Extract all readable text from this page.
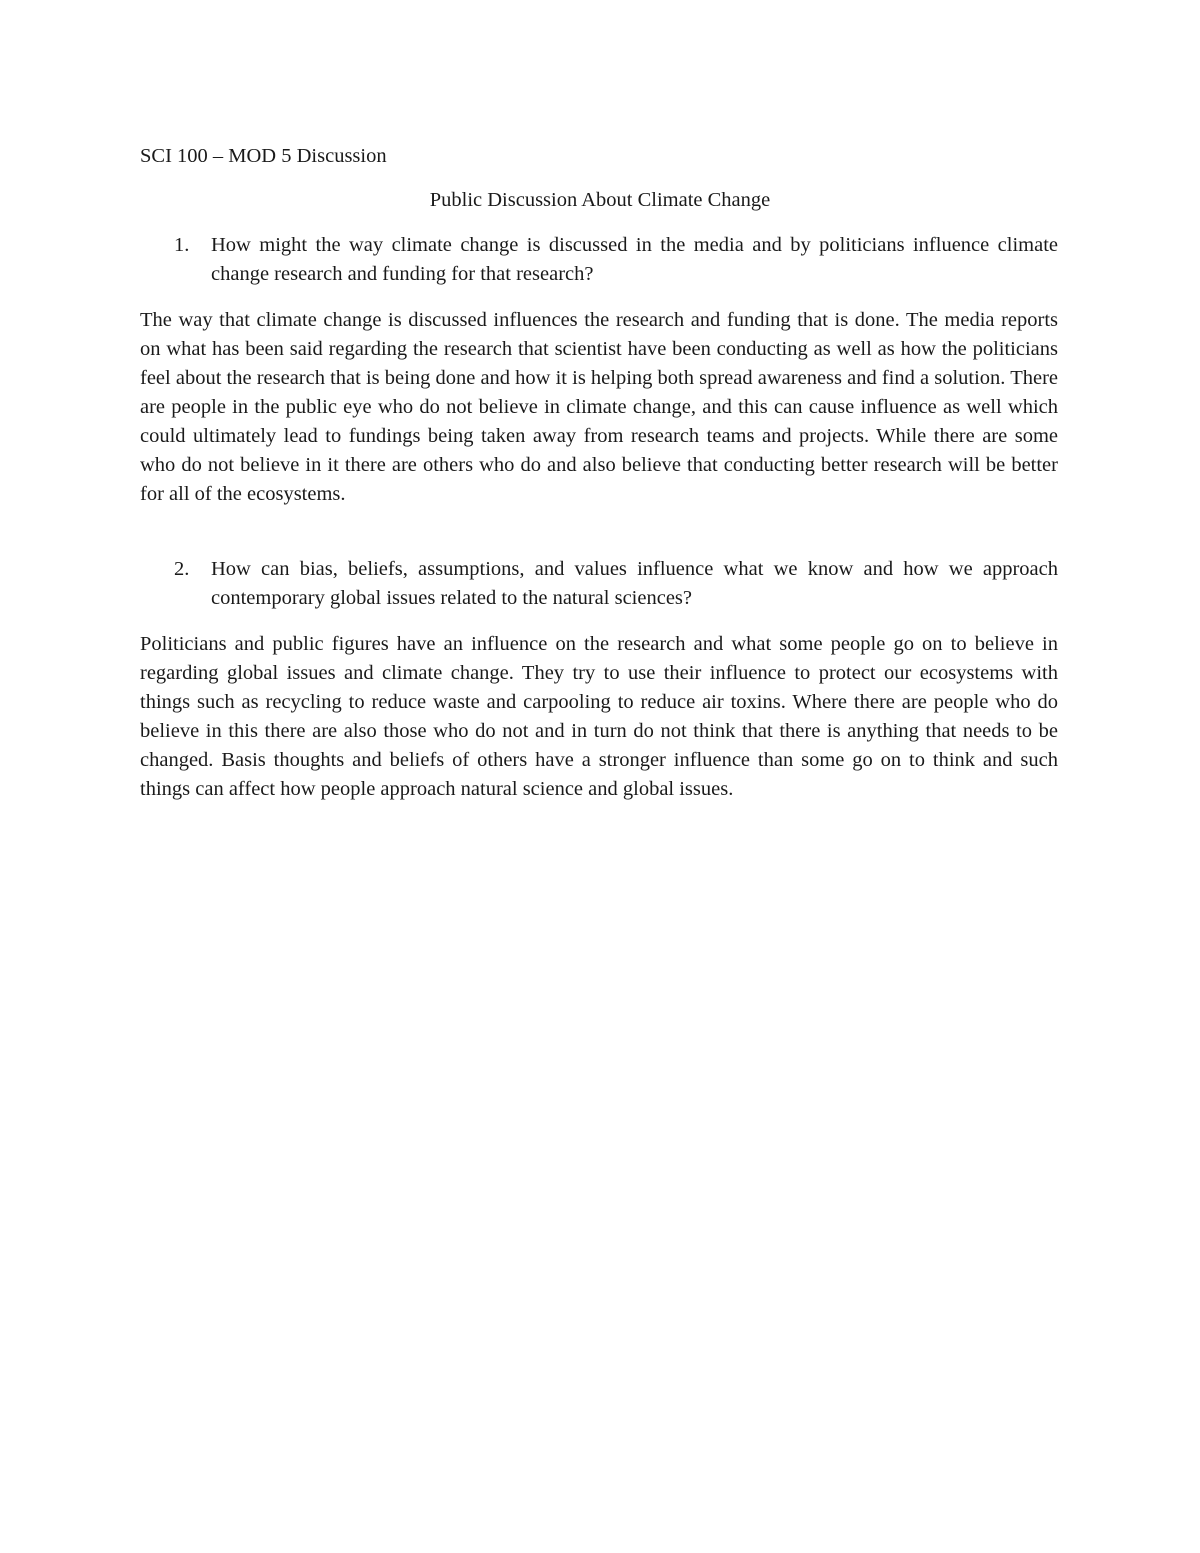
SCI 100 – MOD 5 Discussion
Public Discussion About Climate Change
1. How might the way climate change is discussed in the media and by politicians influence climate change research and funding for that research?

The way that climate change is discussed influences the research and funding that is done. The media reports on what has been said regarding the research that scientist have been conducting as well as how the politicians feel about the research that is being done and how it is helping both spread awareness and find a solution. There are people in the public eye who do not believe in climate change, and this can cause influence as well which could ultimately lead to fundings being taken away from research teams and projects. While there are some who do not believe in it there are others who do and also believe that conducting better research will be better for all of the ecosystems.

2. How can bias, beliefs, assumptions, and values influence what we know and how we approach contemporary global issues related to the natural sciences?

Politicians and public figures have an influence on the research and what some people go on to believe in regarding global issues and climate change. They try to use their influence to protect our ecosystems with things such as recycling to reduce waste and carpooling to reduce air toxins. Where there are people who do believe in this there are also those who do not and in turn do not think that there is anything that needs to be changed. Basis thoughts and beliefs of others have a stronger influence than some go on to think and such things can affect how people approach natural science and global issues.
